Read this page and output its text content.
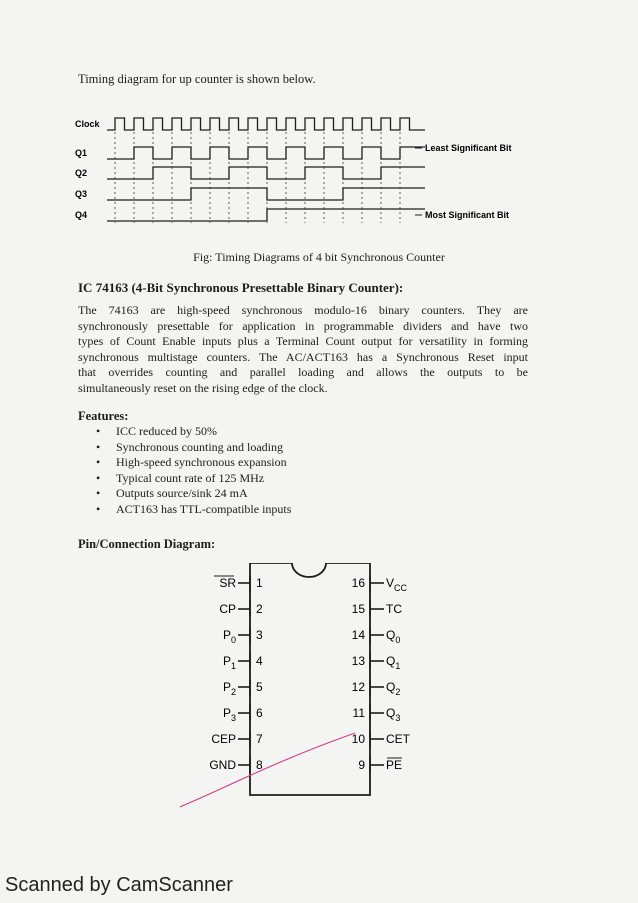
Timing diagram for up counter is shown below.
Clock
Q1
Q2
Q3
Q4
Least Significant Bit
Most Significant Bit
Fig: Timing Diagrams of 4 bit Synchronous Counter
IC 74163 (4-Bit Synchronous Presettable Binary Counter):
The 74163 are high-speed synchronous modulo-16 binary counters. They are
synchronously presettable for application in programmable dividers and have two
types of Count Enable inputs plus a Terminal Count output for versatility in forming
synchronous multistage counters. The AC/ACT163 has a Synchronous Reset input
that overrides counting and parallel loading and allows the outputs to be
simultaneously reset on the rising edge of the clock.
Features:
• ICC reduced by 50%
• Synchronous counting and loading
• High-speed synchronous expansion
• Typical count rate of 125 MHz
• Outputs source/sink 24 mA
• ACT163 has TTL-compatible inputs
Pin/Connection Diagram:
SR 1
CP 2
$P_0$ 3
$P_1$ 4
$P_2$ 5
$P_3$ 6
CEP 7
GND 8
16 $V_{CC}$
15 TC
14 $Q_0$
13 $Q_1$
12 $Q_2$
11 $Q_3$
10 CET
9 PE
Scanned by CamScanner
